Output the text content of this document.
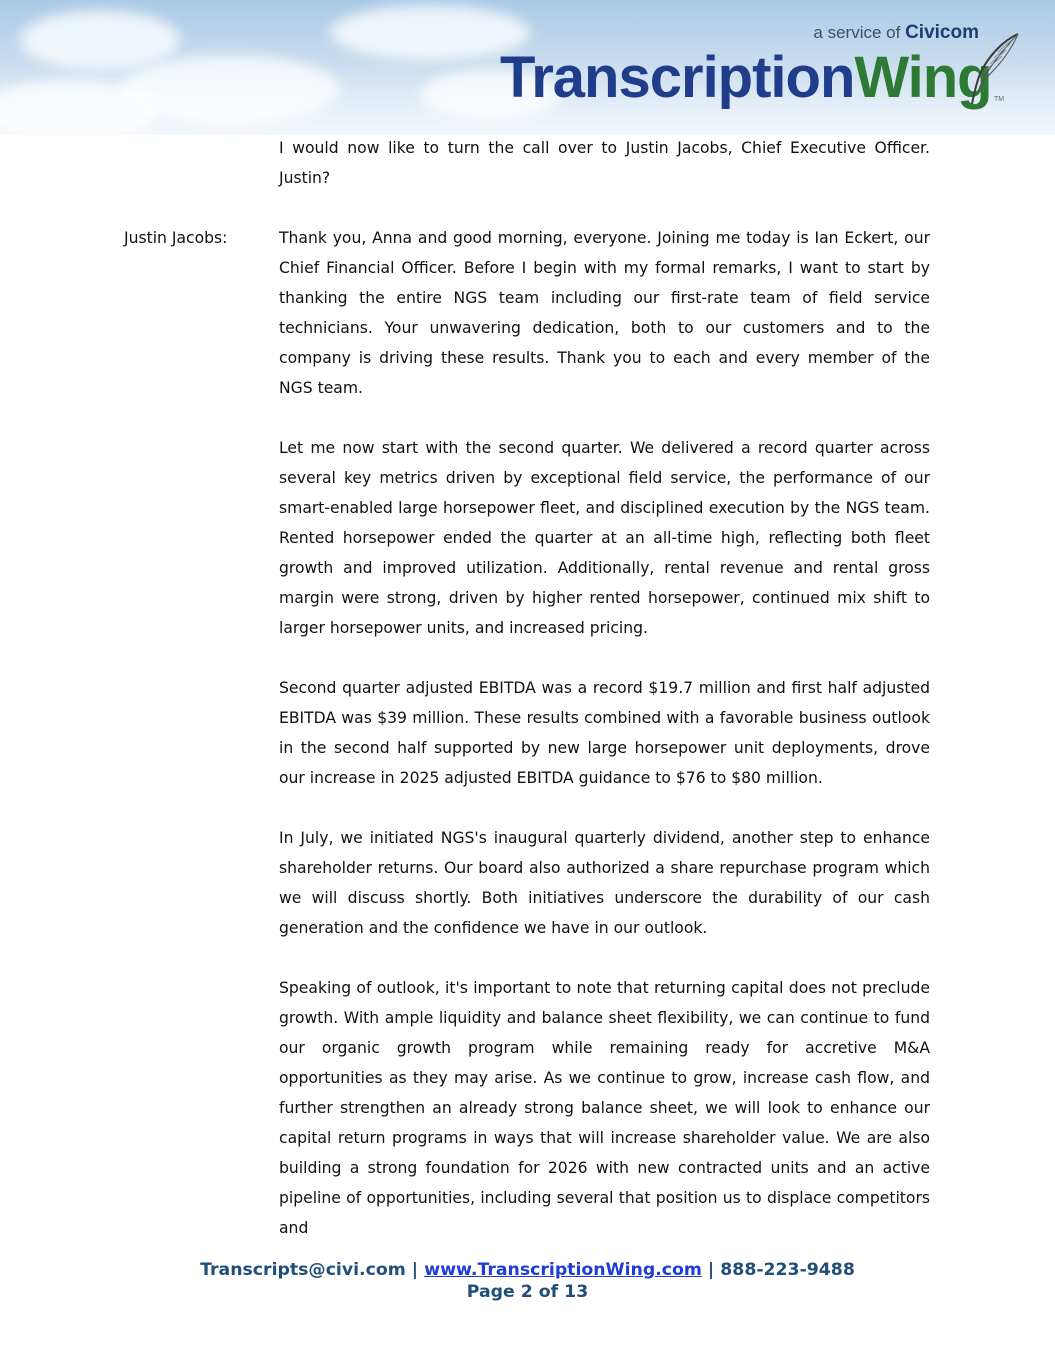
a service of Civicom
TranscriptionWing TM
I would now like to turn the call over to Justin Jacobs, Chief Executive Officer. Justin?
Justin Jacobs:	Thank you, Anna and good morning, everyone. Joining me today is Ian Eckert, our Chief Financial Officer. Before I begin with my formal remarks, I want to start by thanking the entire NGS team including our first-rate team of field service technicians. Your unwavering dedication, both to our customers and to the company is driving these results. Thank you to each and every member of the NGS team.
Let me now start with the second quarter. We delivered a record quarter across several key metrics driven by exceptional field service, the performance of our smart-enabled large horsepower fleet, and disciplined execution by the NGS team. Rented horsepower ended the quarter at an all-time high, reflecting both fleet growth and improved utilization. Additionally, rental revenue and rental gross margin were strong, driven by higher rented horsepower, continued mix shift to larger horsepower units, and increased pricing.
Second quarter adjusted EBITDA was a record $19.7 million and first half adjusted EBITDA was $39 million. These results combined with a favorable business outlook in the second half supported by new large horsepower unit deployments, drove our increase in 2025 adjusted EBITDA guidance to $76 to $80 million.
In July, we initiated NGS's inaugural quarterly dividend, another step to enhance shareholder returns. Our board also authorized a share repurchase program which we will discuss shortly. Both initiatives underscore the durability of our cash generation and the confidence we have in our outlook.
Speaking of outlook, it's important to note that returning capital does not preclude growth. With ample liquidity and balance sheet flexibility, we can continue to fund our organic growth program while remaining ready for accretive M&A opportunities as they may arise. As we continue to grow, increase cash flow, and further strengthen an already strong balance sheet, we will look to enhance our capital return programs in ways that will increase shareholder value. We are also building a strong foundation for 2026 with new contracted units and an active pipeline of opportunities, including several that position us to displace competitors and
Transcripts@civi.com | www.TranscriptionWing.com | 888-223-9488
Page 2 of 13
